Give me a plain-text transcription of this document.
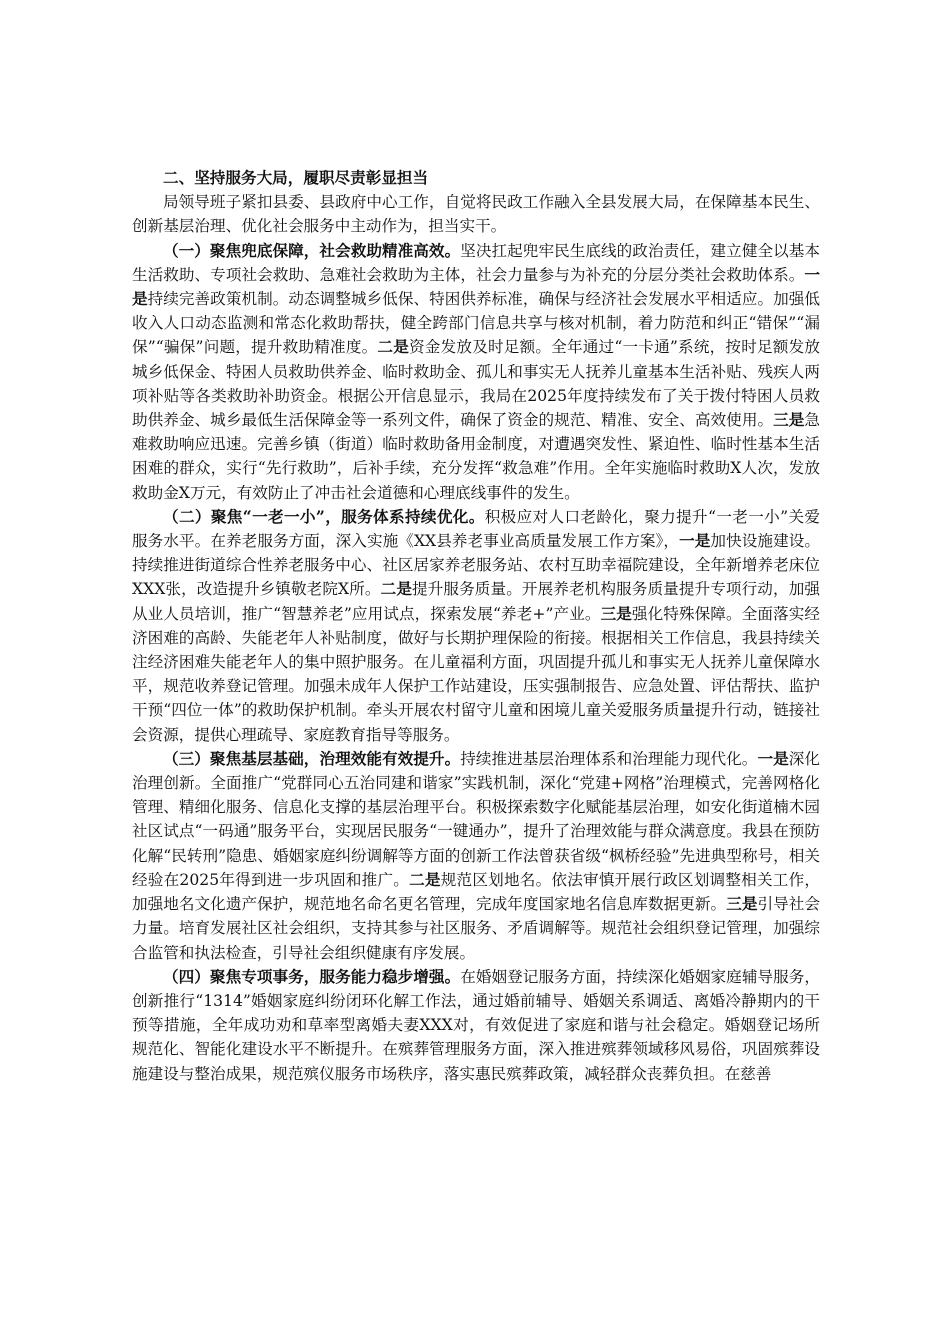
二、坚持服务大局，履职尽责彰显担当

局领导班子紧扣县委、县政府中心工作，自觉将民政工作融入全县发展大局，在保障基本民生、创新基层治理、优化社会服务中主动作为，担当实干。

（一）聚焦兜底保障，社会救助精准高效。坚决扛起兜牢民生底线的政治责任，建立健全以基本生活救助、专项社会救助、急难社会救助为主体，社会力量参与为补充的分层分类社会救助体系。一是持续完善政策机制。动态调整城乡低保、特困供养标准，确保与经济社会发展水平相适应。加强低收入人口动态监测和常态化救助帮扶，健全跨部门信息共享与核对机制，着力防范和纠正“错保”“漏保”“骗保”问题，提升救助精准度。二是资金发放及时足额。全年通过“一卡通”系统，按时足额发放城乡低保金、特困人员救助供养金、临时救助金、孤儿和事实无人抚养儿童基本生活补贴、残疾人两项补贴等各类救助补助资金。根据公开信息显示，我局在2025年度持续发布了关于拨付特困人员救助供养金、城乡最低生活保障金等一系列文件，确保了资金的规范、精准、安全、高效使用。三是急难救助响应迅速。完善乡镇（街道）临时救助备用金制度，对遭遇突发性、紧迫性、临时性基本生活困难的群众，实行“先行救助”，后补手续，充分发挥“救急难”作用。全年实施临时救助X人次，发放救助金X万元，有效防止了冲击社会道德和心理底线事件的发生。

（二）聚焦“一老一小”，服务体系持续优化。积极应对人口老龄化，聚力提升“一老一小”关爱服务水平。在养老服务方面，深入实施《XX县养老事业高质量发展工作方案》，一是加快设施建设。持续推进街道综合性养老服务中心、社区居家养老服务站、农村互助幸福院建设，全年新增养老床位XXX张，改造提升乡镇敬老院X所。二是提升服务质量。开展养老机构服务质量提升专项行动，加强从业人员培训，推广“智慧养老”应用试点，探索发展“养老+”产业。三是强化特殊保障。全面落实经济困难的高龄、失能老年人补贴制度，做好与长期护理保险的衔接。根据相关工作信息，我县持续关注经济困难失能老年人的集中照护服务。在儿童福利方面，巩固提升孤儿和事实无人抚养儿童保障水平，规范收养登记管理。加强未成年人保护工作站建设，压实强制报告、应急处置、评估帮扶、监护干预“四位一体”的救助保护机制。牵头开展农村留守儿童和困境儿童关爱服务质量提升行动，链接社会资源，提供心理疏导、家庭教育指导等服务。

（三）聚焦基层基础，治理效能有效提升。持续推进基层治理体系和治理能力现代化。一是深化治理创新。全面推广“党群同心五治同建和谐家”实践机制，深化“党建+网格”治理模式，完善网格化管理、精细化服务、信息化支撑的基层治理平台。积极探索数字化赋能基层治理，如安化街道楠木园社区试点“一码通”服务平台，实现居民服务“一键通办”，提升了治理效能与群众满意度。我县在预防化解“民转刑”隐患、婚姻家庭纠纷调解等方面的创新工作法曾获省级“枫桥经验”先进典型称号，相关经验在2025年得到进一步巩固和推广。二是规范区划地名。依法审慎开展行政区划调整相关工作，加强地名文化遗产保护，规范地名命名更名管理，完成年度国家地名信息库数据更新。三是引导社会力量。培育发展社区社会组织，支持其参与社区服务、矛盾调解等。规范社会组织登记管理，加强综合监管和执法检查，引导社会组织健康有序发展。

（四）聚焦专项事务，服务能力稳步增强。在婚姻登记服务方面，持续深化婚姻家庭辅导服务，创新推行“1314”婚姻家庭纠纷闭环化解工作法，通过婚前辅导、婚姻关系调适、离婚冷静期内的干预等措施，全年成功劝和草率型离婚夫妻XXX对，有效促进了家庭和谐与社会稳定。婚姻登记场所规范化、智能化建设水平不断提升。在殡葬管理服务方面，深入推进殡葬领域移风易俗，巩固殡葬设施建设与整治成果，规范殡仪服务市场秩序，落实惠民殡葬政策，减轻群众丧葬负担。在慈善
